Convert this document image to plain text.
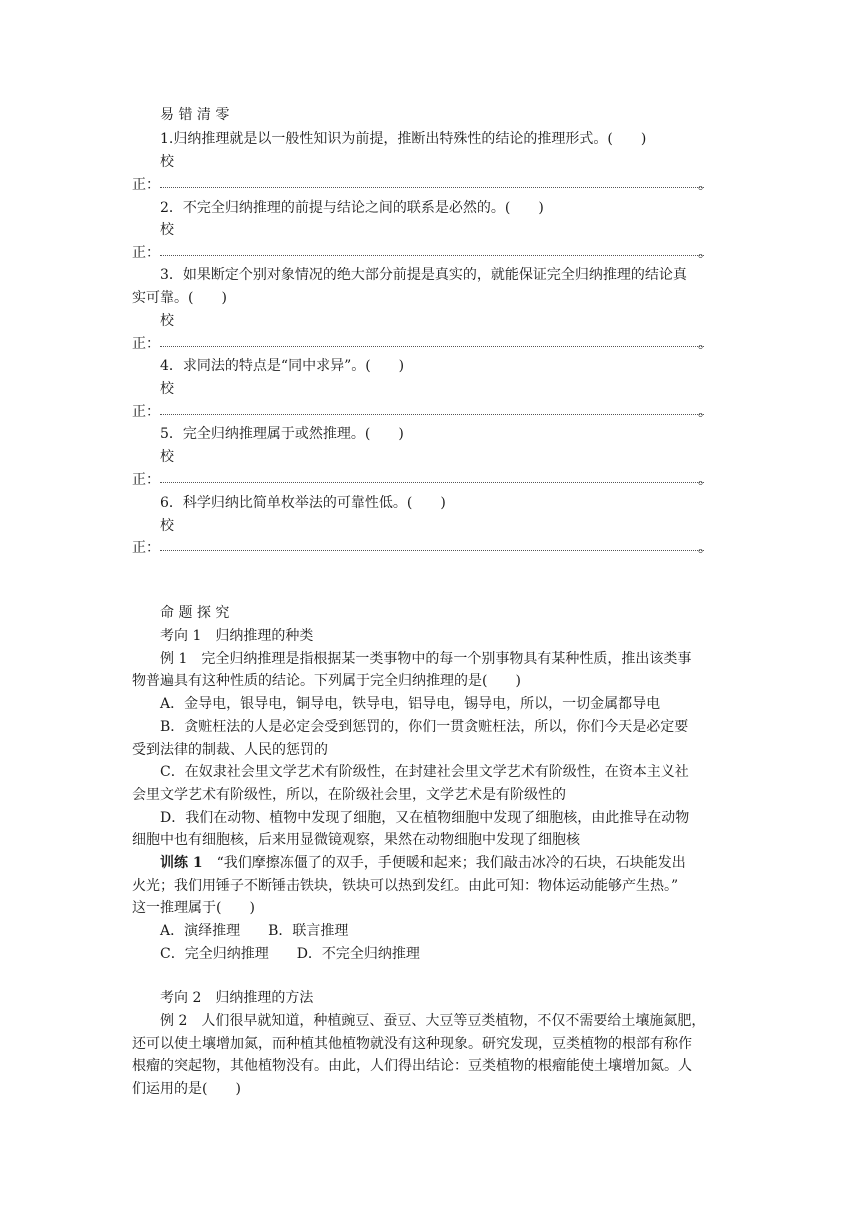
易 错 清 零
1.归纳推理就是以一般性知识为前提，推断出特殊性的结论的推理形式。(　　)
校
正：	。
2．不完全归纳推理的前提与结论之间的联系是必然的。(　　)
校
正：	。
3．如果断定个别对象情况的绝大部分前提是真实的，就能保证完全归纳推理的结论真
实可靠。(　　)
校
正：	。
4．求同法的特点是“同中求异”。(　　)
校
正：	。
5．完全归纳推理属于或然推理。(　　)
校
正：	。
6．科学归纳比简单枚举法的可靠性低。(　　)
校
正：	。
命 题 探 究
考向 1　归纳推理的种类
例 1　完全归纳推理是指根据某一类事物中的每一个别事物具有某种性质，推出该类事
物普遍具有这种性质的结论。下列属于完全归纳推理的是(　　)
A．金导电，银导电，铜导电，铁导电，铝导电，锡导电，所以，一切金属都导电
B．贪赃枉法的人是必定会受到惩罚的，你们一贯贪赃枉法，所以，你们今天是必定要
受到法律的制裁、人民的惩罚的
C．在奴隶社会里文学艺术有阶级性，在封建社会里文学艺术有阶级性，在资本主义社
会里文学艺术有阶级性，所以，在阶级社会里，文学艺术是有阶级性的
D．我们在动物、植物中发现了细胞，又在植物细胞中发现了细胞核，由此推导在动物
细胞中也有细胞核，后来用显微镜观察，果然在动物细胞中发现了细胞核
训练 1　 “我们摩擦冻僵了的双手，手便暖和起来；我们敲击冰冷的石块，石块能发出
火光；我们用锤子不断锤击铁块，铁块可以热到发红。由此可知：物体运动能够产生热。”
这一推理属于(　　)
A．演绎推理　　B．联言推理
C．完全归纳推理　　D．不完全归纳推理
考向 2　归纳推理的方法
例 2　人们很早就知道，种植豌豆、蚕豆、大豆等豆类植物，不仅不需要给土壤施氮肥，
还可以使土壤增加氮，而种植其他植物就没有这种现象。研究发现，豆类植物的根部有称作
根瘤的突起物，其他植物没有。由此，人们得出结论：豆类植物的根瘤能使土壤增加氮。人
们运用的是(　　)
